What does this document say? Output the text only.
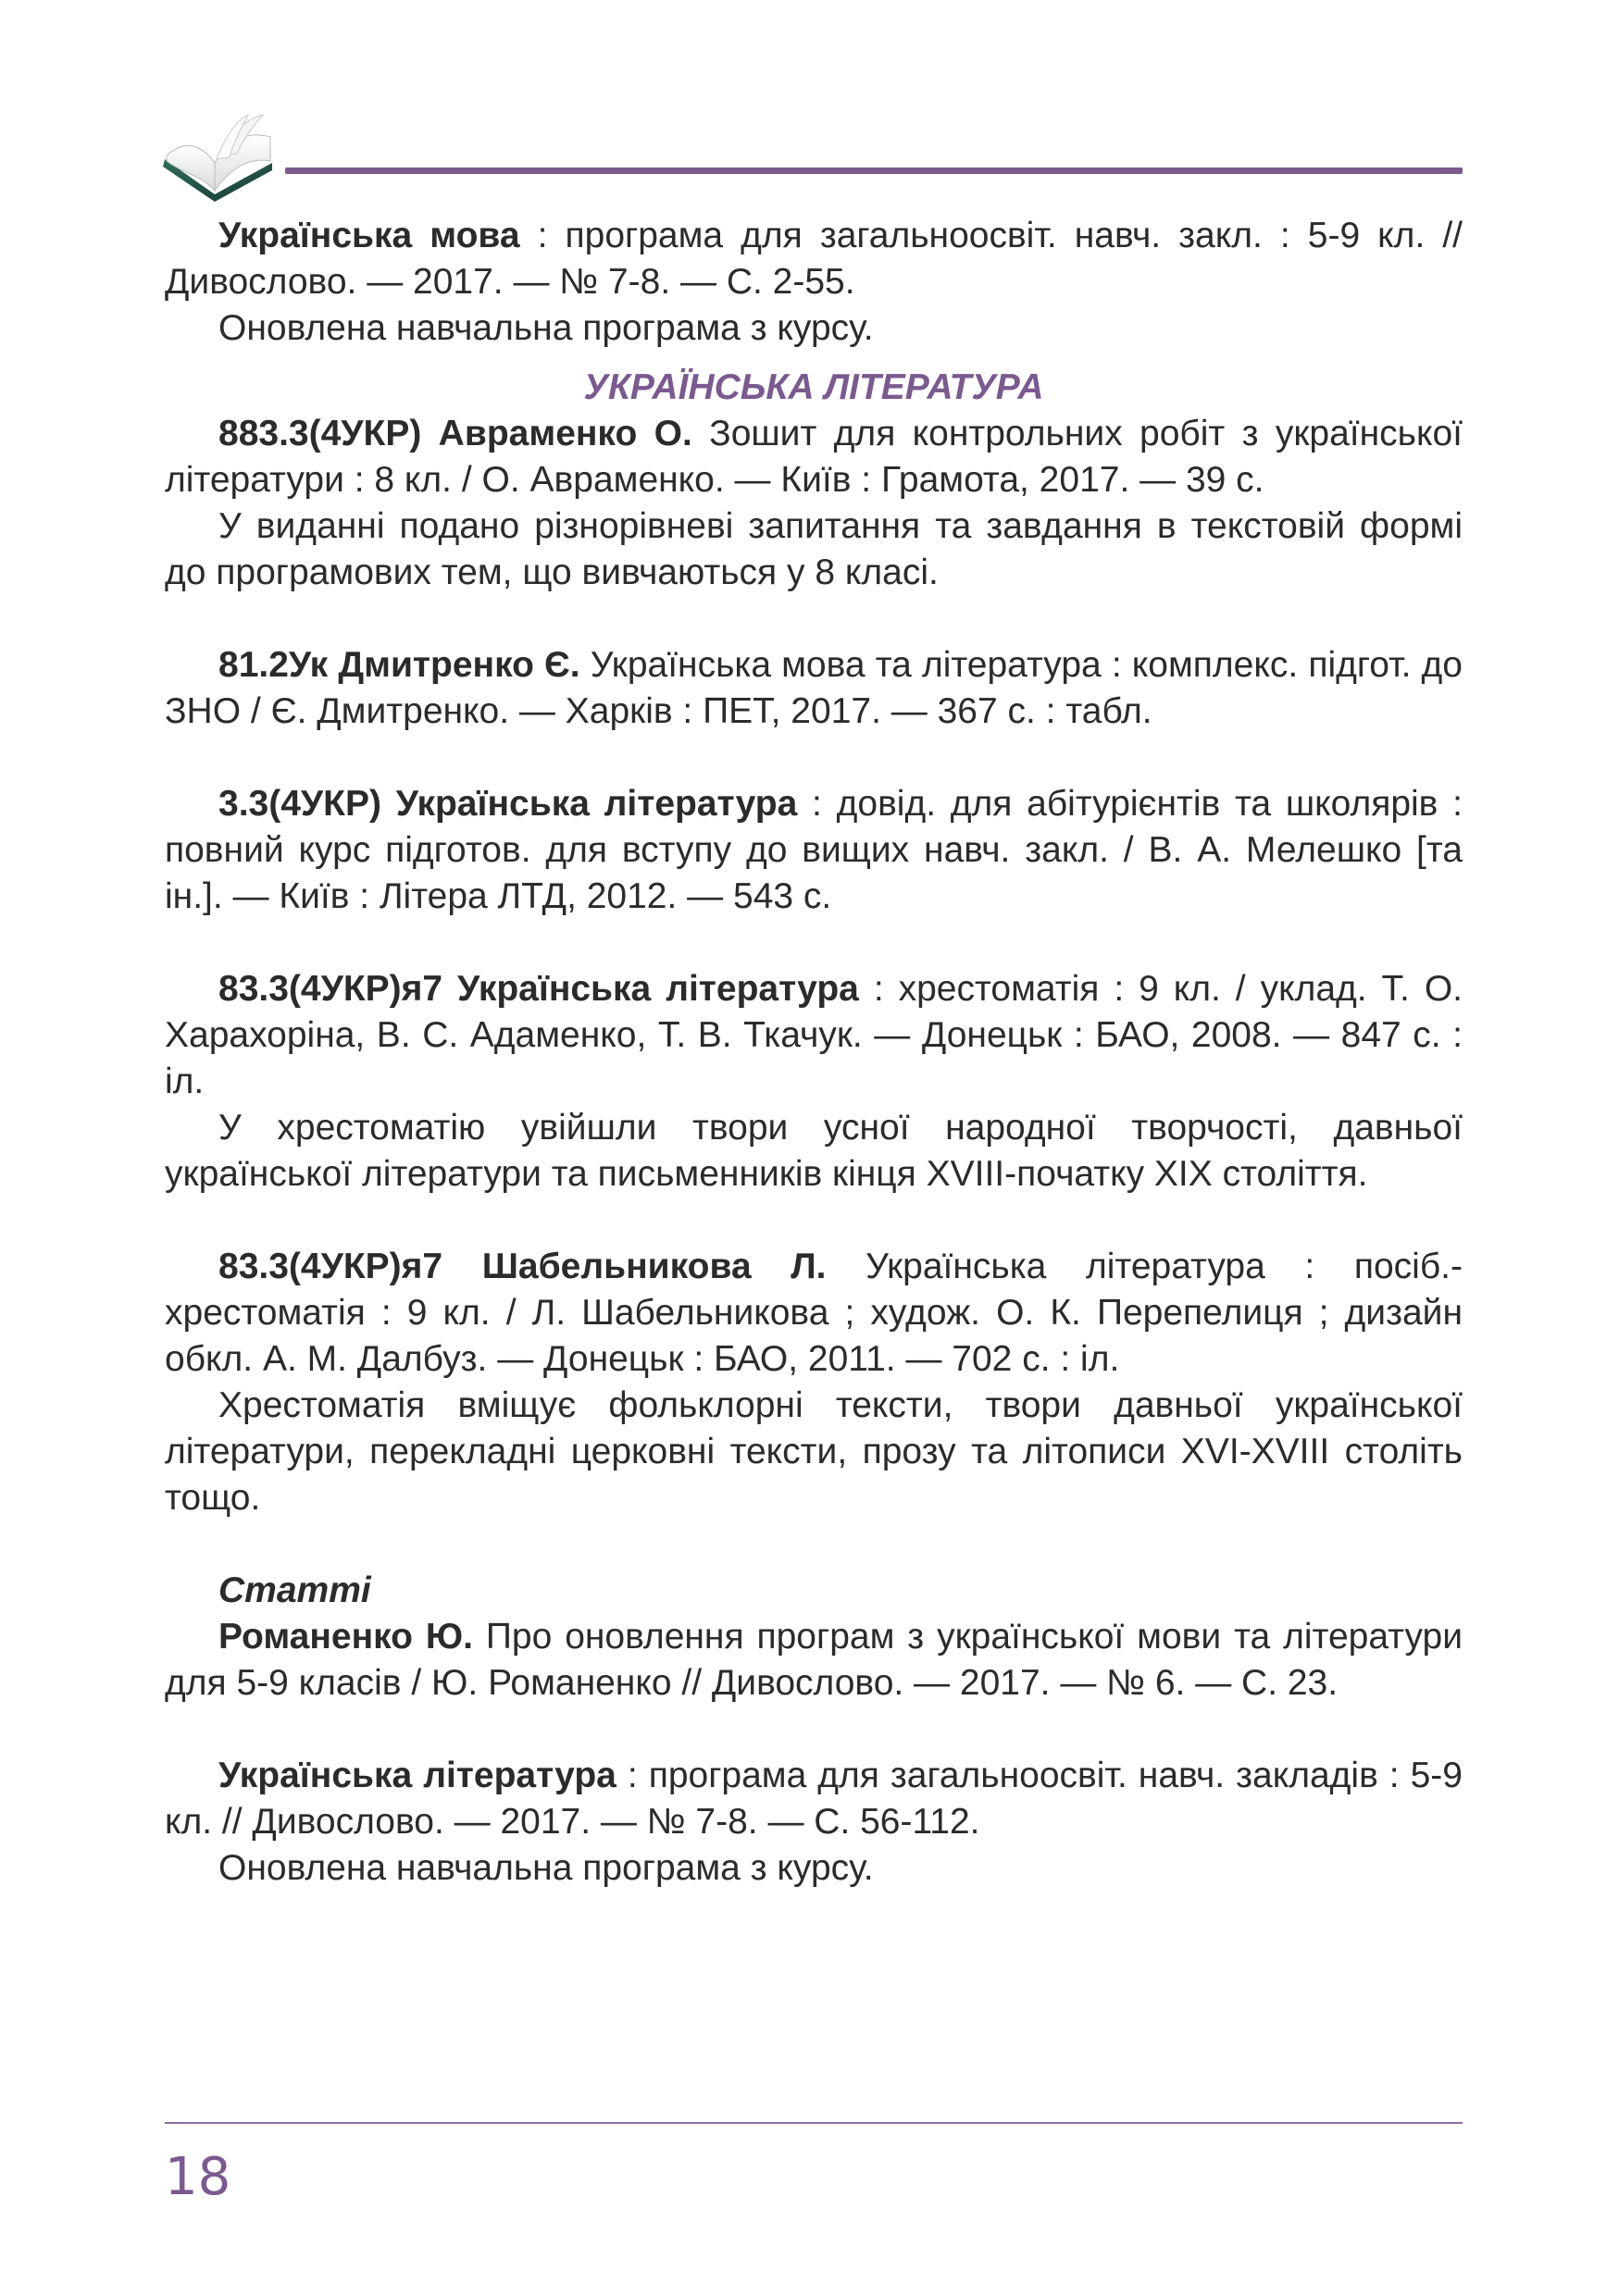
Українська мова : програма для загальноосвіт. навч. закл. : 5-9 кл. // Дивослово. — 2017. — № 7-8. — С. 2-55.

Оновлена навчальна програма з курсу.

УКРАЇНСЬКА ЛІТЕРАТУРА

883.3(4УКР) Авраменко О. Зошит для контрольних робіт з української літератури : 8 кл. / О. Авраменко. — Київ : Грамота, 2017. — 39 с.

У виданні подано різнорівневі запитання та завдання в текстовій формі до програмових тем, що вивчаються у 8 класі.

81.2Ук Дмитренко Є. Українська мова та література : комплекс. підгот. до ЗНО / Є. Дмитренко. — Харків : ПЕТ, 2017. — 367 с. : табл.

3.3(4УКР) Українська література : довід. для абітурієнтів та школярів : повний курс підготов. для вступу до вищих навч. закл. / В. А. Мелешко [та ін.]. — Київ : Літера ЛТД, 2012. — 543 с.

83.3(4УКР)я7 Українська література : хрестоматія : 9 кл. / уклад. Т. О. Харахоріна, В. С. Адаменко, Т. В. Ткачук. — Донецьк : БАО, 2008. — 847 с. : іл.

У хрестоматію увійшли твори усної народної творчості, давньої української літератури та письменників кінця XVIII-початку XIX століття.

83.3(4УКР)я7 Шабельникова Л. Українська література : посіб.-хрестоматія : 9 кл. / Л. Шабельникова ; худож. О. К. Перепелиця ; дизайн обкл. А. М. Далбуз. — Донецьк : БАО, 2011. — 702 с. : іл.

Хрестоматія вміщує фольклорні тексти, твори давньої української літератури, перекладні церковні тексти, прозу та літописи XVI-XVIII століть тощо.

Статті

Романенко Ю. Про оновлення програм з української мови та літератури для 5-9 класів / Ю. Романенко // Дивослово. — 2017. — № 6. — С. 23.

Українська література : програма для загальноосвіт. навч. закладів : 5-9 кл. // Дивослово. — 2017. — № 7-8. — С. 56-112.

Оновлена навчальна програма з курсу.

18
